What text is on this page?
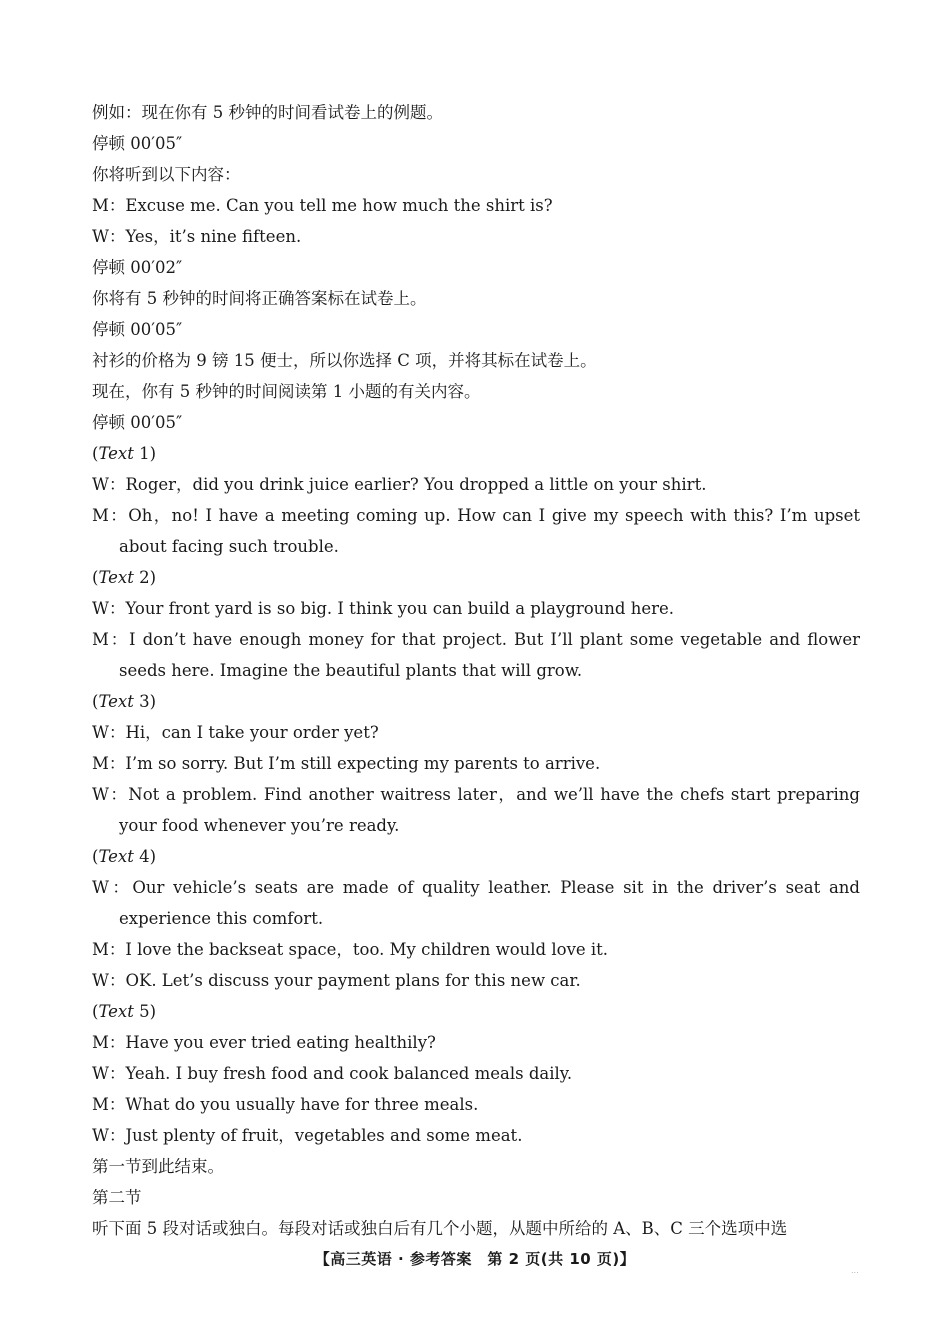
例如：现在你有 5 秒钟的时间看试卷上的例题。
停顿 00′05″
你将听到以下内容：
M：Excuse me. Can you tell me how much the shirt is?
W：Yes，it’s nine fifteen.
停顿 00′02″
你将有 5 秒钟的时间将正确答案标在试卷上。
停顿 00′05″
衬衫的价格为 9 镑 15 便士，所以你选择 C 项，并将其标在试卷上。
现在，你有 5 秒钟的时间阅读第 1 小题的有关内容。
停顿 00′05″
(Text 1)
W：Roger，did you drink juice earlier? You dropped a little on your shirt.
M：Oh，no! I have a meeting coming up. How can I give my speech with this? I’m upset about facing such trouble.
(Text 2)
W：Your front yard is so big. I think you can build a playground here.
M：I don’t have enough money for that project. But I’ll plant some vegetable and flower seeds here. Imagine the beautiful plants that will grow.
(Text 3)
W：Hi，can I take your order yet?
M：I’m so sorry. But I’m still expecting my parents to arrive.
W：Not a problem. Find another waitress later，and we’ll have the chefs start preparing your food whenever you’re ready.
(Text 4)
W：Our vehicle’s seats are made of quality leather. Please sit in the driver’s seat and experience this comfort.
M：I love the backseat space，too. My children would love it.
W：OK. Let’s discuss your payment plans for this new car.
(Text 5)
M：Have you ever tried eating healthily?
W：Yeah. I buy fresh food and cook balanced meals daily.
M：What do you usually have for three meals.
W：Just plenty of fruit，vegetables and some meat.
第一节到此结束。
第二节
听下面 5 段对话或独白。每段对话或独白后有几个小题，从题中所给的 A、B、C 三个选项中选
【高三英语 · 参考答案　第 2 页(共 10 页)】
...
